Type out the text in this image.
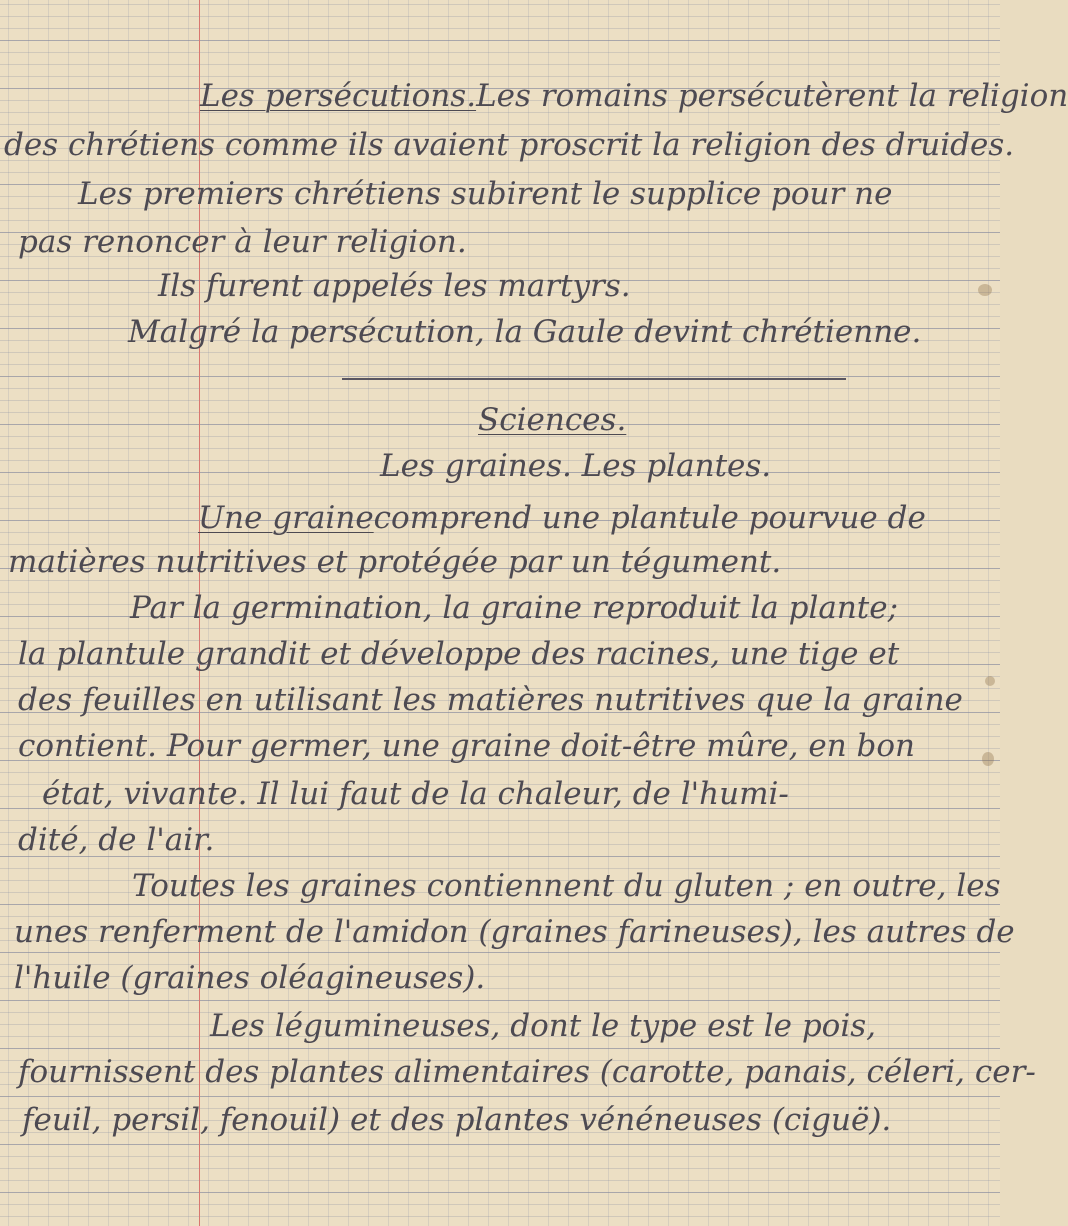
Les persécutions.Les romains persécutèrent la religion
des chrétiens comme ils avaient proscrit la religion des druides.
Les premiers chrétiens subirent le supplice pour ne
pas renoncer à leur religion.
Ils furent appelés les martyrs.
Malgré la persécution, la Gaule devint chrétienne.
Sciences.
Les graines. Les plantes.
Une grainecomprend une plantule pourvue de
matières nutritives et protégée par un tégument.
Par la germination, la graine reproduit la plante;
la plantule grandit et développe des racines, une tige et
des feuilles en utilisant les matières nutritives que la graine
contient. Pour germer, une graine doit-être mûre, en bon
état, vivante. Il lui faut de la chaleur, de l'humi-
dité, de l'air.
Toutes les graines contiennent du gluten ; en outre, les
unes renferment de l'amidon (graines farineuses), les autres de
l'huile (graines oléagineuses).
Les légumineuses, dont le type est le pois,
fournissent des plantes alimentaires (carotte, panais, céleri, cer-
feuil, persil, fenouil) et des plantes vénéneuses (ciguë).
